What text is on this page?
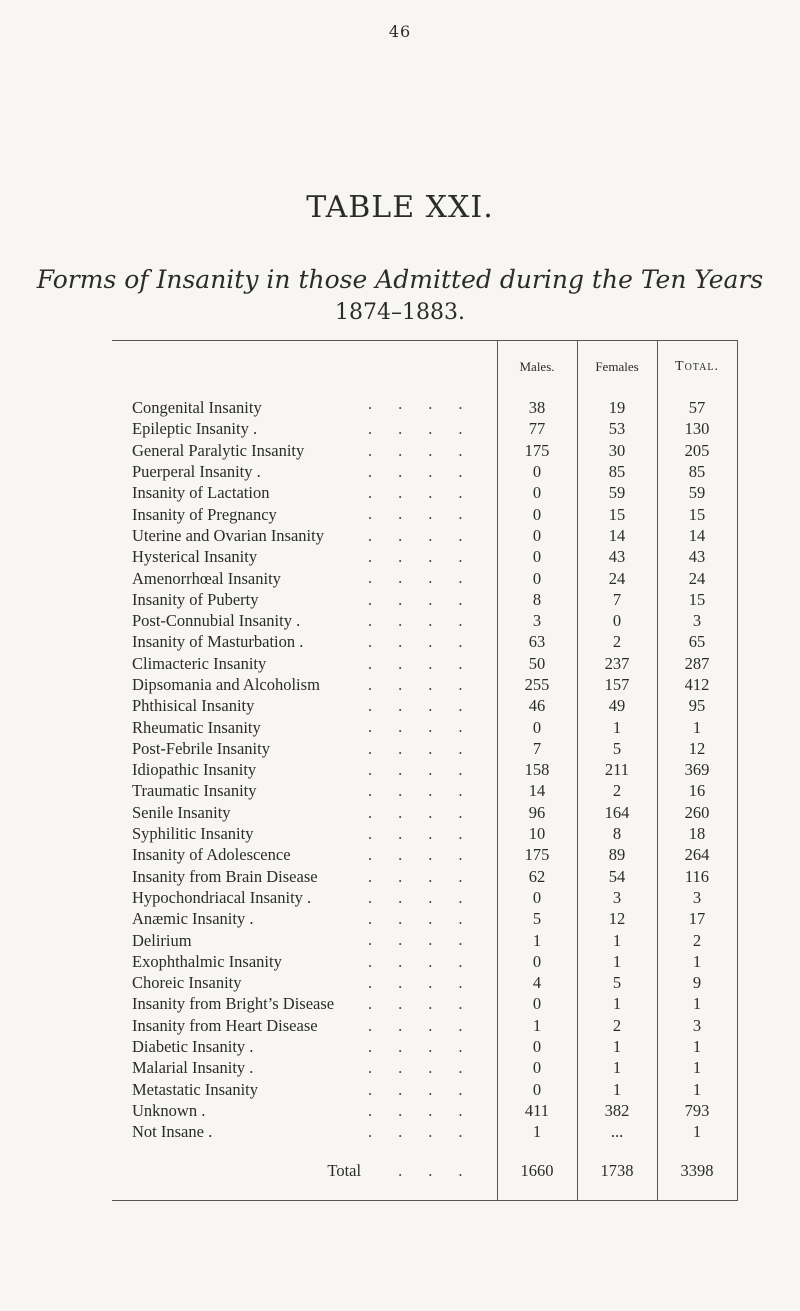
46
TABLE XXI.
Forms of Insanity in those Admitted during the Ten Years
1874–1883.
	Males.	Females	Total.
Congenital Insanity ....	38	19	57
Epileptic Insanity . ....	77	53	130
General Paralytic Insanity ....	175	30	205
Puerperal Insanity . ....	0	85	85
Insanity of Lactation ....	0	59	59
Insanity of Pregnancy ....	0	15	15
Uterine and Ovarian Insanity ....	0	14	14
Hysterical Insanity ....	0	43	43
Amenorrhœal Insanity ....	0	24	24
Insanity of Puberty ....	8	7	15
Post-Connubial Insanity . ....	3	0	3
Insanity of Masturbation . ....	63	2	65
Climacteric Insanity ....	50	237	287
Dipsomania and Alcoholism ....	255	157	412
Phthisical Insanity ....	46	49	95
Rheumatic Insanity ....	0	1	1
Post-Febrile Insanity ....	7	5	12
Idiopathic Insanity ....	158	211	369
Traumatic Insanity ....	14	2	16
Senile Insanity ....	96	164	260
Syphilitic Insanity ....	10	8	18
Insanity of Adolescence ....	175	89	264
Insanity from Brain Disease ....	62	54	116
Hypochondriacal Insanity . ....	0	3	3
Anæmic Insanity . ....	5	12	17
Delirium ....	1	1	2
Exophthalmic Insanity ....	0	1	1
Choreic Insanity ....	4	5	9
Insanity from Bright’s Disease ....	0	1	1
Insanity from Heart Disease ....	1	2	3
Diabetic Insanity . ....	0	1	1
Malarial Insanity . ....	0	1	1
Metastatic Insanity ....	0	1	1
Unknown . ....	411	382	793
Not Insane . ....	1	...	1
Total ...	1660	1738	3398
